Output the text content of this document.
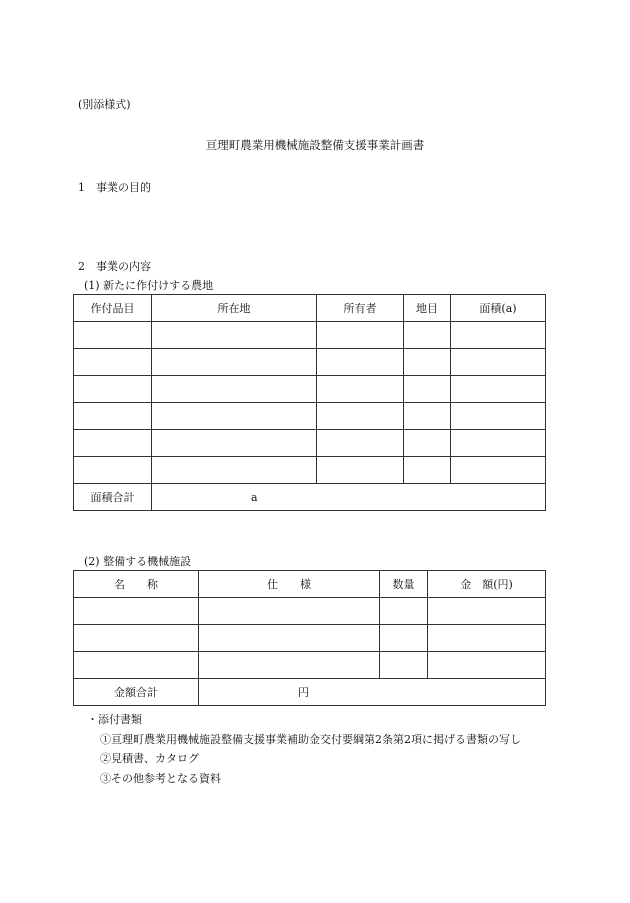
(別添様式)
亘理町農業用機械施設整備支援事業計画書
1　 事業の目的
2　 事業の内容
(1) 新たに作付けする農地
作付品目	所在地	所有者	地目	面積(a)

面積合計	a			
(2) 整備する機械施設
名　　称	仕　　様	数量	金　額(円)

金額合計	円		
・添付書類
①亘理町農業用機械施設整備支援事業補助金交付要綱第2条第2項に掲げる書類の写し
②見積書、カタログ
③その他参考となる資料
